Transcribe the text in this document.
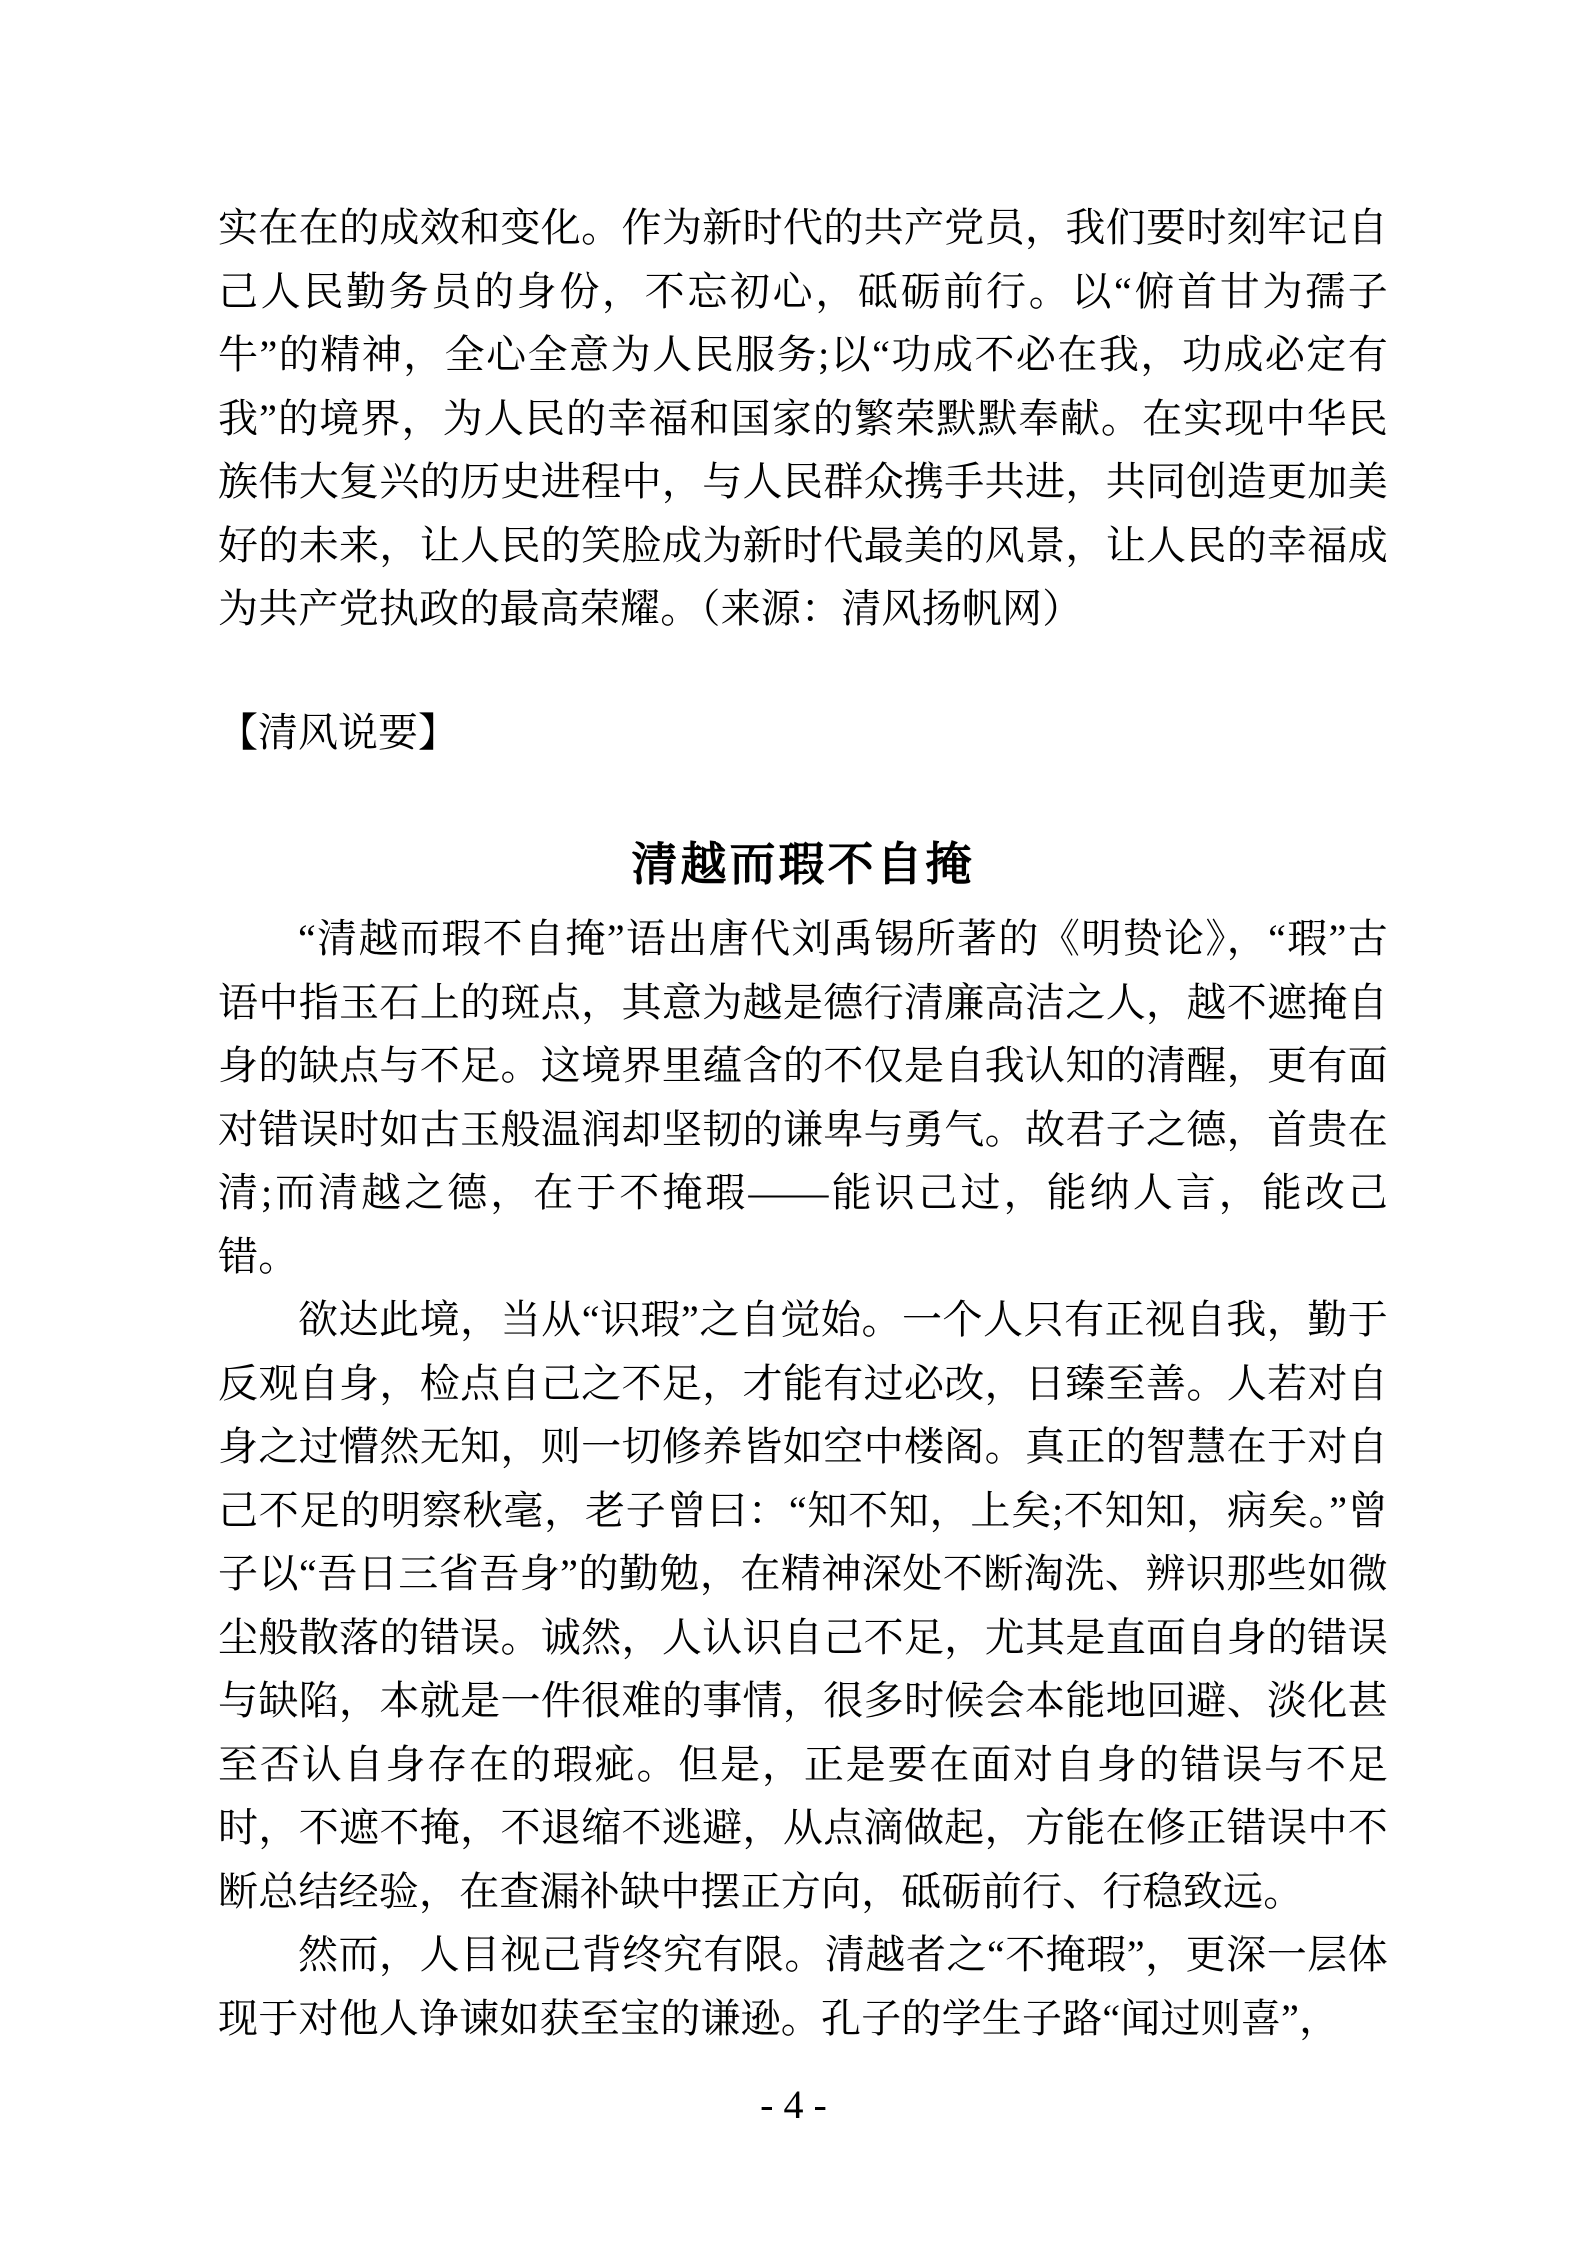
实在在的成效和变化。作为新时代的共产党员，我们要时刻牢记自己人民勤务员的身份，不忘初心，砥砺前行。以“俯首甘为孺子牛”的精神，全心全意为人民服务;以“功成不必在我，功成必定有我”的境界，为人民的幸福和国家的繁荣默默奉献。在实现中华民族伟大复兴的历史进程中，与人民群众携手共进，共同创造更加美好的未来，让人民的笑脸成为新时代最美的风景，让人民的幸福成为共产党执政的最高荣耀。（来源：清风扬帆网）

【清风说要】

清越而瑕不自掩

“清越而瑕不自掩”语出唐代刘禹锡所著的《明贽论》，“瑕”古语中指玉石上的斑点，其意为越是德行清廉高洁之人，越不遮掩自身的缺点与不足。这境界里蕴含的不仅是自我认知的清醒，更有面对错误时如古玉般温润却坚韧的谦卑与勇气。故君子之德，首贵在清;而清越之德，在于不掩瑕——能识己过，能纳人言，能改己错。

欲达此境，当从“识瑕”之自觉始。一个人只有正视自我，勤于反观自身，检点自己之不足，才能有过必改，日臻至善。人若对自身之过懵然无知，则一切修养皆如空中楼阁。真正的智慧在于对自己不足的明察秋毫，老子曾曰：“知不知，上矣;不知知，病矣。”曾子以“吾日三省吾身”的勤勉，在精神深处不断淘洗、辨识那些如微尘般散落的错误。诚然，人认识自己不足，尤其是直面自身的错误与缺陷，本就是一件很难的事情，很多时候会本能地回避、淡化甚至否认自身存在的瑕疵。但是，正是要在面对自身的错误与不足时，不遮不掩，不退缩不逃避，从点滴做起，方能在修正错误中不断总结经验，在查漏补缺中摆正方向，砥砺前行、行稳致远。

然而，人目视己背终究有限。清越者之“不掩瑕”，更深一层体现于对他人诤谏如获至宝的谦逊。孔子的学生子路“闻过则喜”，

- 4 -
